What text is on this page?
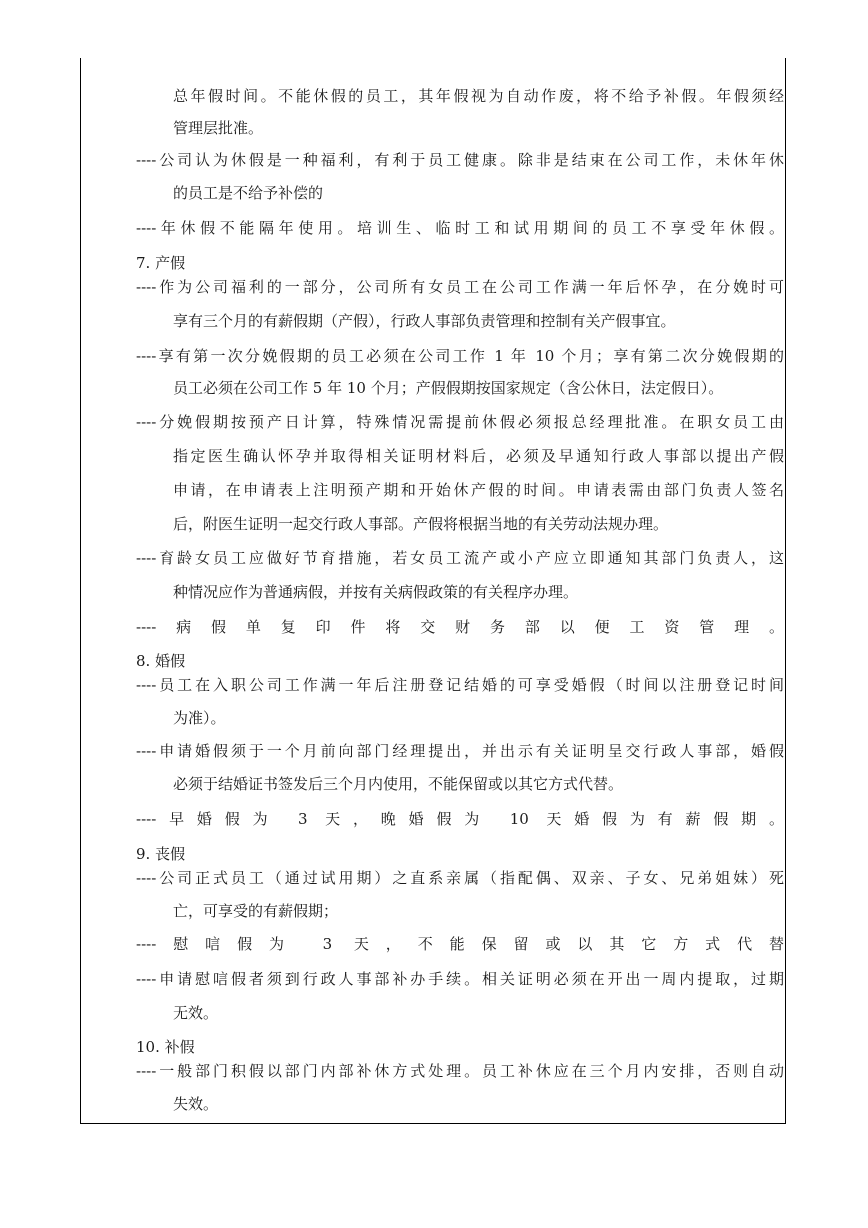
总年假时间。不能休假的员工，其年假视为自动作废，将不给予补假。年假须经
管理层批准。
----公司认为休假是一种福利，有利于员工健康。除非是结束在公司工作，未休年休
的员工是不给予补偿的
----年休假不能隔年使用。培训生、临时工和试用期间的员工不享受年休假。
7. 产假
----作为公司福利的一部分，公司所有女员工在公司工作满一年后怀孕，在分娩时可
享有三个月的有薪假期（产假），行政人事部负责管理和控制有关产假事宜。
----享有第一次分娩假期的员工必须在公司工作 1 年 10 个月；享有第二次分娩假期的
员工必须在公司工作 5 年 10 个月；产假假期按国家规定（含公休日，法定假日）。
----分娩假期按预产日计算，特殊情况需提前休假必须报总经理批准。在职女员工由
指定医生确认怀孕并取得相关证明材料后，必须及早通知行政人事部以提出产假
申请，在申请表上注明预产期和开始休产假的时间。申请表需由部门负责人签名
后，附医生证明一起交行政人事部。产假将根据当地的有关劳动法规办理。
----育龄女员工应做好节育措施，若女员工流产或小产应立即通知其部门负责人，这
种情况应作为普通病假，并按有关病假政策的有关程序办理。
----病假单复印件将交财务部以便工资管理。
8. 婚假
----员工在入职公司工作满一年后注册登记结婚的可享受婚假（时间以注册登记时间
为准）。
----申请婚假须于一个月前向部门经理提出，并出示有关证明呈交行政人事部，婚假
必须于结婚证书签发后三个月内使用，不能保留或以其它方式代替。
----早婚假为 3 天，晚婚假为 10 天婚假为有薪假期。
9. 丧假
----公司正式员工（通过试用期）之直系亲属（指配偶、双亲、子女、兄弟姐妹）死
亡，可享受的有薪假期；
----慰唁假为 3 天，不能保留或以其它方式代替
----申请慰唁假者须到行政人事部补办手续。相关证明必须在开出一周内提取，过期
无效。
10. 补假
----一般部门积假以部门内部补休方式处理。员工补休应在三个月内安排，否则自动
失效。
